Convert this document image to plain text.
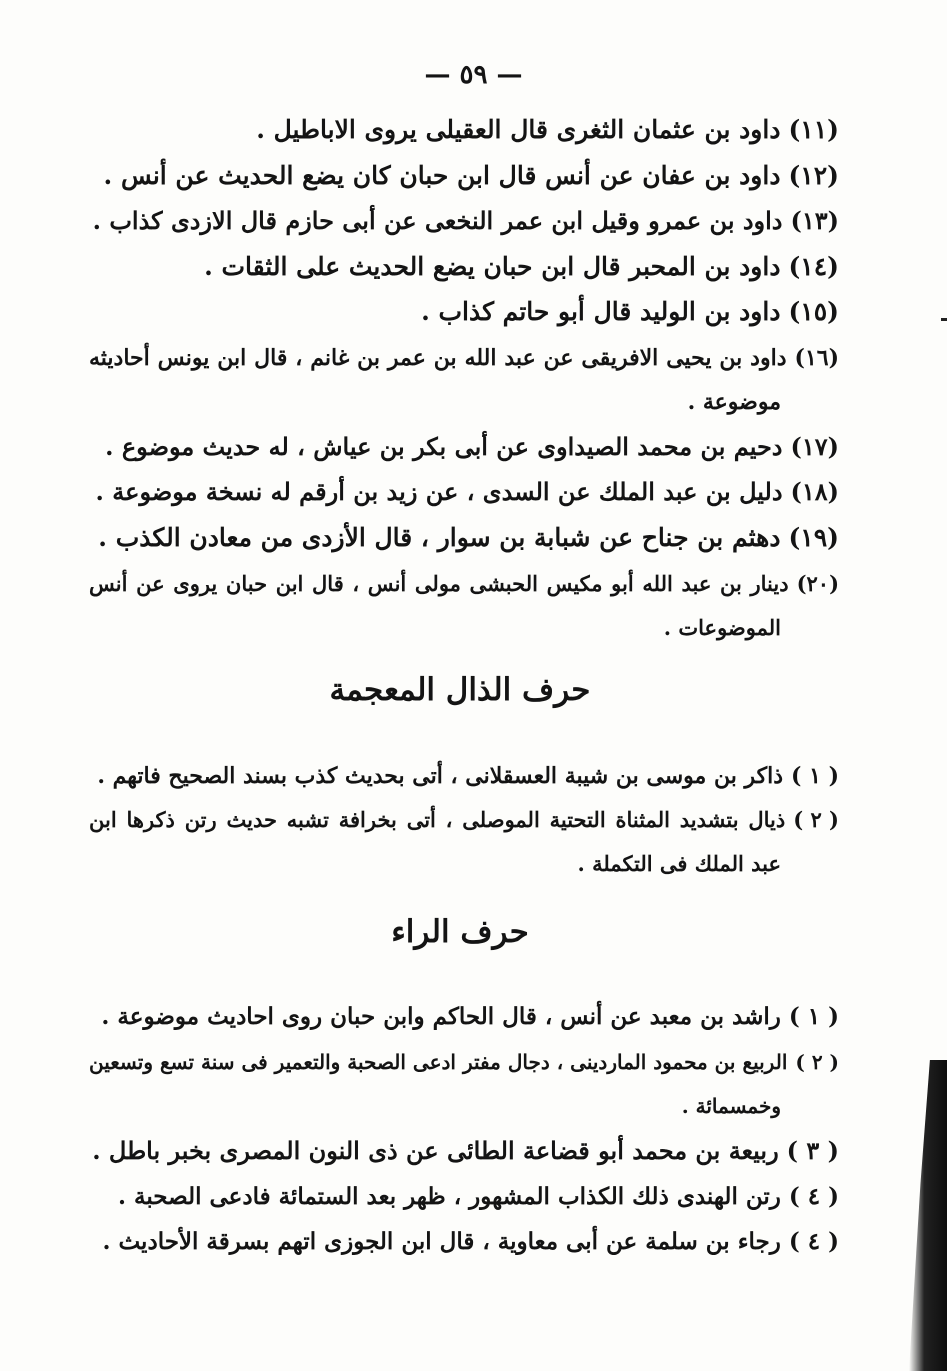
— ٥٩ —
(١١)داود بن عثمان الثغرى قال العقيلى يروى الاباطيل .
(١٢)داود بن عفان عن أنس قال ابن حبان كان يضع الحديث عن أنس .
(١٣)داود بن عمرو وقيل ابن عمر النخعى عن أبى حازم قال الازدى كذاب .
(١٤)داود بن المحبر قال ابن حبان يضع الحديث على الثقات .
(١٥)داود بن الوليد قال أبو حاتم كذاب .
(١٦)داود بن يحيى الافريقى عن عبد الله بن عمر بن غانم ، قال ابن يونس أحاديثه
موضوعة .
(١٧)دحيم بن محمد الصيداوى عن أبى بكر بن عياش ، له حديث موضوع .
(١٨)دليل بن عبد الملك عن السدى ، عن زيد بن أرقم له نسخة موضوعة .
(١٩)دهثم بن جناح عن شبابة بن سوار ، قال الأزدى من معادن الكذب .
(٢٠)دينار بن عبد الله أبو مكيس الحبشى مولى أنس ، قال ابن حبان يروى عن أنس
الموضوعات .
حرف الذال المعجمة
( ١ )ذاكر بن موسى بن شيبة العسقلانى ، أتى بحديث كذب بسند الصحيح فاتهم .
( ٢ )ذيال بتشديد المثناة التحتية الموصلى ، أتى بخرافة تشبه حديث رتن ذكرها ابن
عبد الملك فى التكملة .
حرف الراء
( ١ )راشد بن معبد عن أنس ، قال الحاكم وابن حبان روى احاديث موضوعة .
( ٢ )الربيع بن محمود الماردينى ، دجال مفتر ادعى الصحبة والتعمير فى سنة تسع وتسعين
وخمسمائة .
( ٣ )ربيعة بن محمد أبو قضاعة الطائى عن ذى النون المصرى بخبر باطل .
( ٤ )رتن الهندى ذلك الكذاب المشهور ، ظهر بعد الستمائة فادعى الصحبة .
( ٤ )رجاء بن سلمة عن أبى معاوية ، قال ابن الجوزى اتهم بسرقة الأحاديث .
